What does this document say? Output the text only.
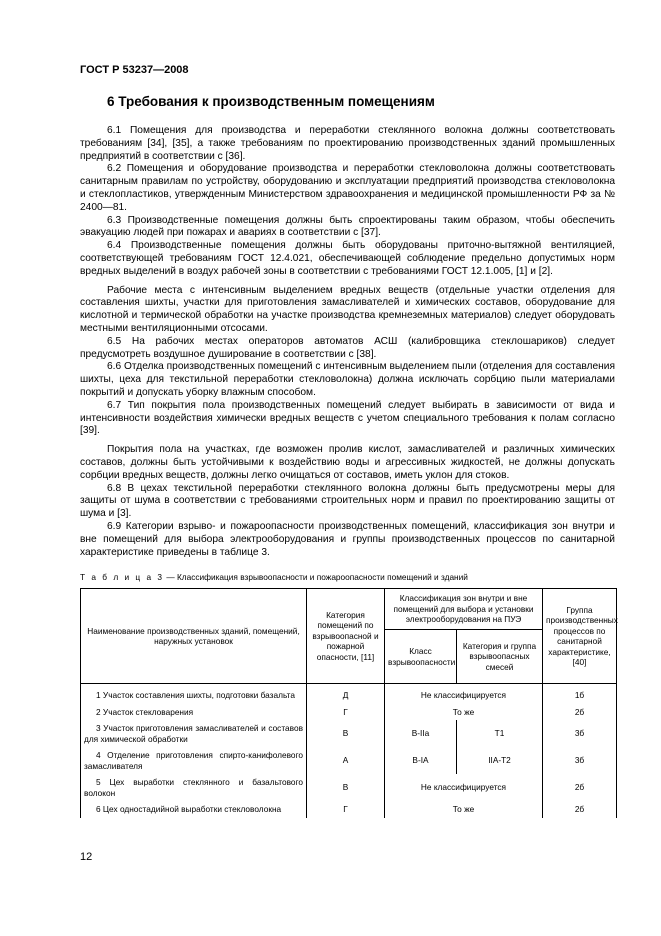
ГОСТ Р 53237—2008
6 Требования к производственным помещениям

6.1 Помещения для производства и переработки стеклянного волокна должны соответствовать требованиям [34], [35], а также требованиям по проектированию производственных зданий промышленных предприятий в соответствии с [36].

6.2 Помещения и оборудование производства и переработки стекловолокна должны соответствовать санитарным правилам по устройству, оборудованию и эксплуатации предприятий производства стекловолокна и стеклопластиков, утвержденным Министерством здравоохранения и медицинской промышленности РФ за № 2400—81.

6.3 Производственные помещения должны быть спроектированы таким образом, чтобы обеспечить эвакуацию людей при пожарах и авариях в соответствии с [37].

6.4 Производственные помещения должны быть оборудованы приточно-вытяжной вентиляцией, соответствующей требованиям ГОСТ 12.4.021, обеспечивающей соблюдение предельно допустимых норм вредных выделений в воздух рабочей зоны в соответствии с требованиями ГОСТ 12.1.005, [1] и [2].

Рабочие места с интенсивным выделением вредных веществ (отдельные участки отделения для составления шихты, участки для приготовления замасливателей и химических составов, оборудование для кислотной и термической обработки на участке производства кремнеземных материалов) следует оборудовать местными вентиляционными отсосами.

6.5 На рабочих местах операторов автоматов АСШ (калибровщика стеклошариков) следует предусмотреть воздушное душирование в соответствии с [38].

6.6 Отделка производственных помещений с интенсивным выделением пыли (отделения для составления шихты, цеха для текстильной переработки стекловолокна) должна исключать сорбцию пыли материалами покрытий и допускать уборку влажным способом.

6.7 Тип покрытия пола производственных помещений следует выбирать в зависимости от вида и интенсивности воздействия химически вредных веществ с учетом специального требования к полам согласно [39].

Покрытия пола на участках, где возможен пролив кислот, замасливателей и различных химических составов, должны быть устойчивыми к воздействию воды и агрессивных жидкостей, не должны допускать сорбции вредных веществ, должны легко очищаться от составов, иметь уклон для стоков.

6.8 В цехах текстильной переработки стеклянного волокна должны быть предусмотрены меры для защиты от шума в соответствии с требованиями строительных норм и правил по проектированию защиты от шума и [3].

6.9 Категории взрыво- и пожароопасности производственных помещений, классификация зон внутри и вне помещений для выбора электрооборудования и группы производственных процессов по санитарной характеристике приведены в таблице 3.

Т а б л и ц а 3 — Классификация взрывоопасности и пожароопасности помещений и зданий
Наименование производственных зданий, помещений, наружных установок	Категория помещений по взрывоопасной и пожарной опасности, [11]	Классификация зон внутри и вне помещений для выбора и установки электрооборудования на ПУЭ		Группа производственных процессов по санитарной характеристике, [40]
		Класс взрывоопасности	Категория и группа взрывоопасных смесей	

1 Участок составления шихты, подготовки базальта	Д	Не классифицируется		1б

2 Участок стекловарения	Г	То же		2б

3 Участок приготовления замасливателей и составов для химической обработки	В	В-IIа	Т1	3б

4 Отделение приготовления спирто-канифолевого замасливателя	А	В-IА	IIА-Т2	3б

5 Цех выработки стеклянного и базальтового волокон	В	Не классифицируется		2б

6 Цех одностадийной выработки стекловолокна	Г	То же		2б
12
